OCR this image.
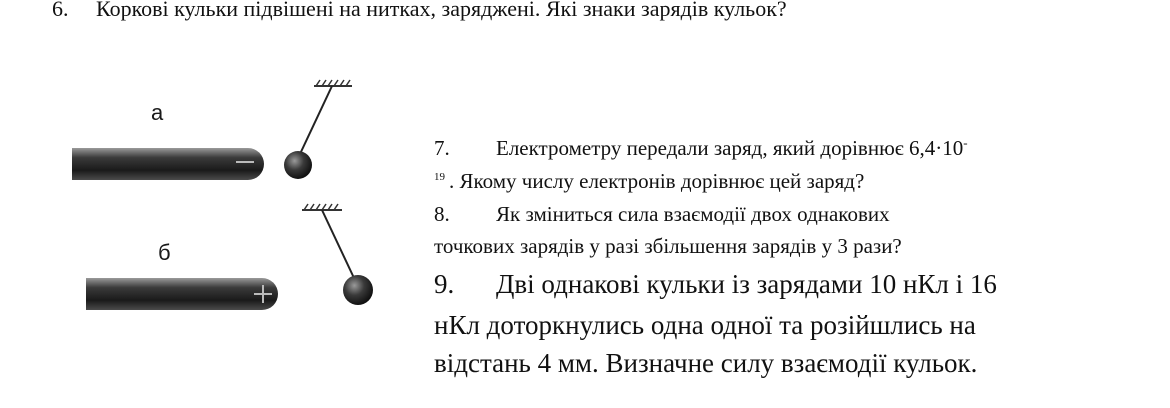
6. Коркові кульки підвішені на нитках, заряджені. Які знаки зарядів кульок?
а
б
7. Електрометру передали заряд, який дорівнює 6,4·10-
$^{19}$ . Якому числу електронів дорівнює цей заряд?
8. Як зміниться сила взаємодії двох однакових
точкових зарядів у разі збільшення зарядів у 3 рази?
9. Дві однакові кульки із зарядами 10 нКл і 16
нКл доторкнулись одна одної та розійшлись на
відстань 4 мм. Визначне силу взаємодії кульок.
